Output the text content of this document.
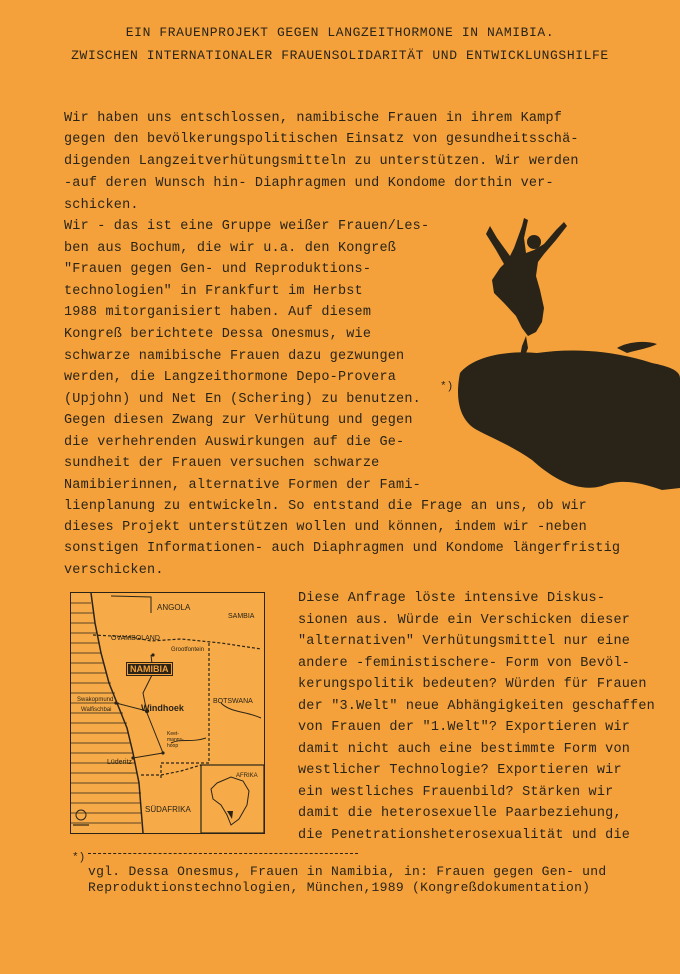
EIN FRAUENPROJEKT GEGEN LANGZEITHORMONE IN NAMIBIA.
ZWISCHEN INTERNATIONALER FRAUENSOLIDARITÄT UND ENTWICKLUNGSHILFE
Wir haben uns entschlossen, namibische Frauen in ihrem Kampf
gegen den bevölkerungspolitischen Einsatz von gesundheitsschä-
digenden Langzeitverhütungsmitteln zu unterstützen. Wir werden
-auf deren Wunsch hin- Diaphragmen und Kondome dorthin ver-
schicken.
Wir - das ist eine Gruppe weißer Frauen/Les-
ben aus Bochum, die wir u.a. den Kongreß
"Frauen gegen Gen- und Reproduktions-
technologien" in Frankfurt im Herbst
1988 mitorganisiert haben. Auf diesem
Kongreß berichtete Dessa Onesmus, wie
schwarze namibische Frauen dazu gezwungen
werden, die Langzeithormone Depo-Provera
(Upjohn) und Net En (Schering) zu benutzen.
*)
Gegen diesen Zwang zur Verhütung und gegen
die verhehrenden Auswirkungen auf die Ge-
sundheit der Frauen versuchen schwarze
Namibierinnen, alternative Formen der Fami-
lienplanung zu entwickeln. So entstand die Frage an uns, ob wir
dieses Projekt unterstützen wollen und können, indem wir -neben
sonstigen Informationen- auch Diaphragmen und Kondome längerfristig
verschicken.
Diese Anfrage löste intensive Diskus-
sionen aus. Würde ein Verschicken dieser
"alternativen" Verhütungsmittel nur eine
andere -feministischere- Form von Bevöl-
kerungspolitik bedeuten? Würden für Frauen
der "3.Welt" neue Abhängigkeiten geschaffen
von Frauen der "1.Welt"? Exportieren wir
damit nicht auch eine bestimmte Form von
westlicher Technologie? Exportieren wir
ein westliches Frauenbild? Stärken wir
damit die heterosexuelle Paarbeziehung,
die Penetrationsheterosexualität und die
ANGOLA
SAMBIA
OVAMBOLAND
Grootfontein
NAMIBIA
BOTSWANA
Swakopmund
Walfischbai	Windhoek
Keet-manns-hoop
Lüderitz
AFRIKA
SÜDAFRIKA
*)
vgl. Dessa Onesmus, Frauen in Namibia, in: Frauen gegen Gen- und
Reproduktionstechnologien, München,1989 (Kongreßdokumentation)
